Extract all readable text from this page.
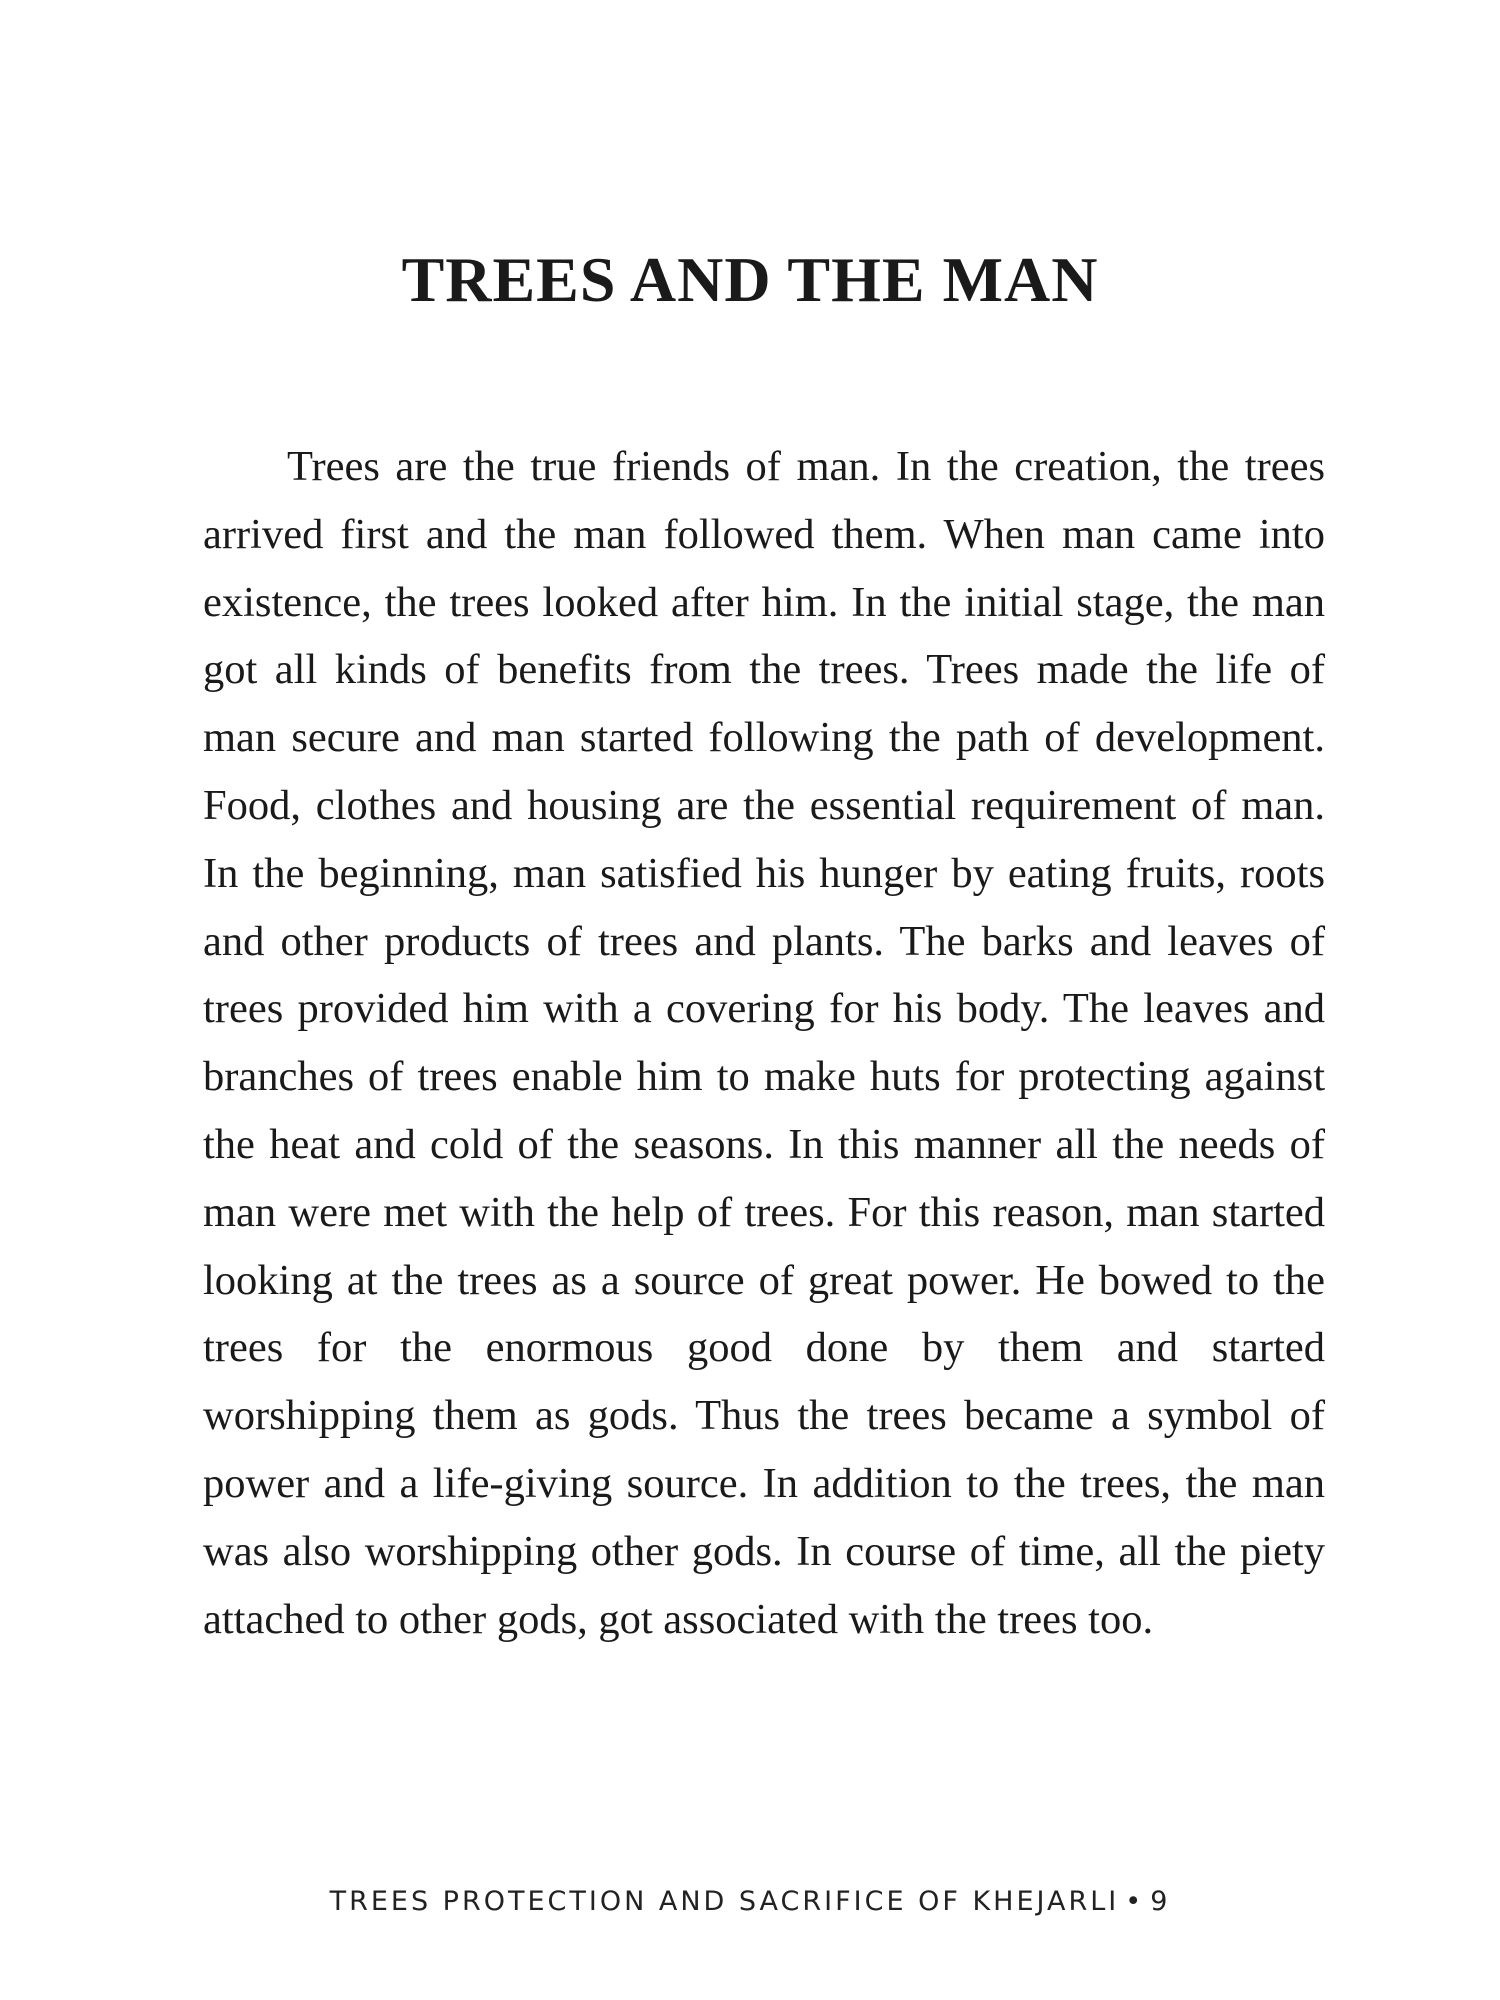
TREES AND THE MAN

Trees are the true friends of man. In the creation, the trees arrived first and the man followed them. When man came into existence, the trees looked after him. In the initial stage, the man got all kinds of benefits from the trees. Trees made the life of man secure and man started following the path of development. Food, clothes and housing are the essential requirement of man. In the beginning, man satisfied his hunger by eating fruits, roots and other products of trees and plants. The barks and leaves of trees provided him with a covering for his body. The leaves and branches of trees enable him to make huts for protecting against the heat and cold of the seasons. In this manner all the needs of man were met with the help of trees. For this reason, man started looking at the trees as a source of great power. He bowed to the trees for the enormous good done by them and started worshipping them as gods. Thus the trees became a symbol of power and a life-giving source. In addition to the trees, the man was also worshipping other gods. In course of time, all the piety attached to other gods, got associated with the trees too.

TREES PROTECTION AND SACRIFICE OF KHEJARLI • 9
